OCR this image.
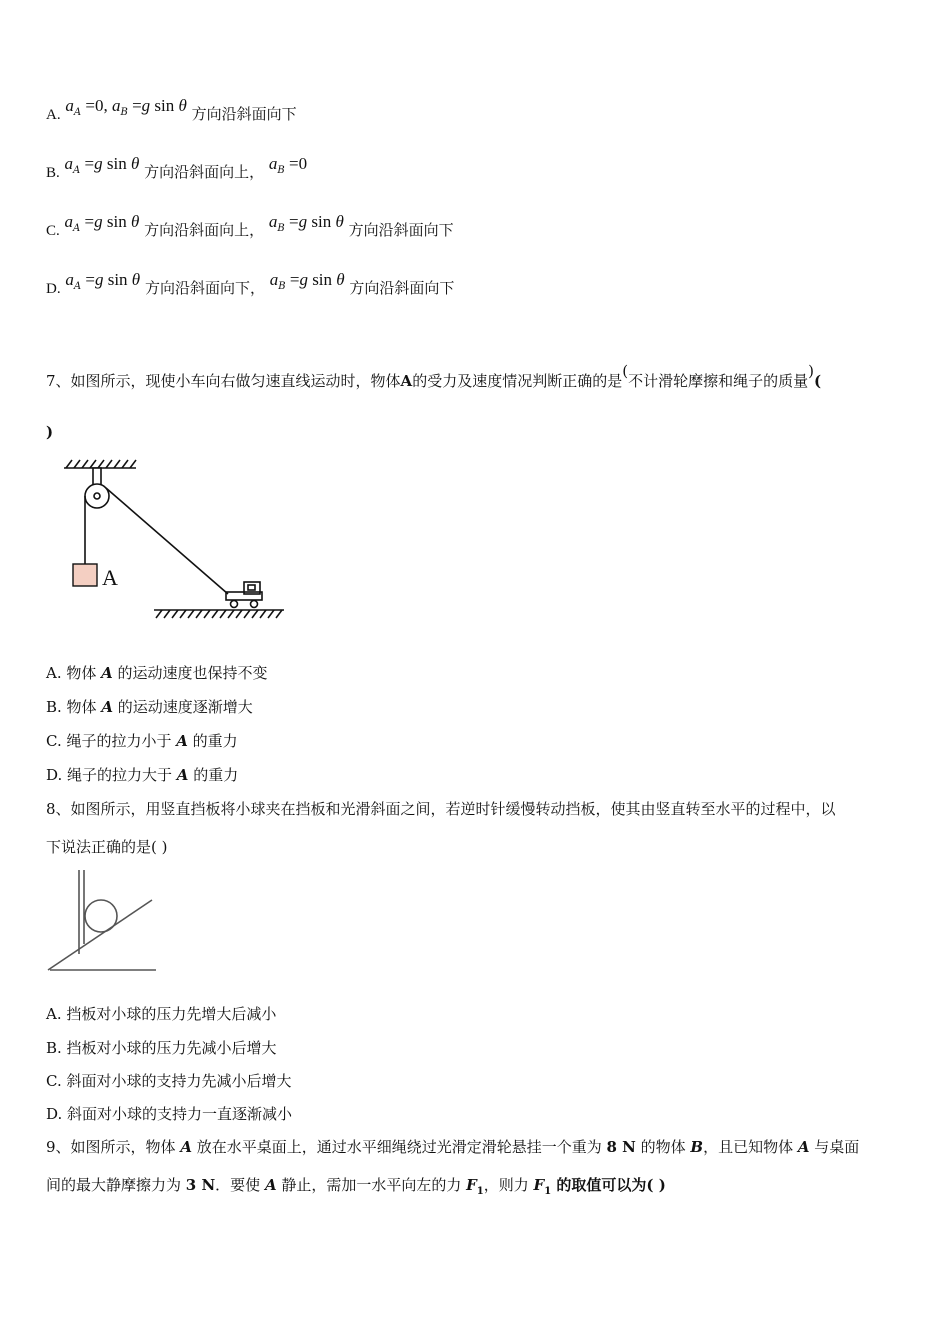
A. $a_A =0$, $a_B =g$ sin θ 方向沿斜面向下
B. $a_A =g$ sin θ 方向沿斜面向上， $a_B =0$
C. $a_A =g$ sin θ 方向沿斜面向上， $a_B =g$ sin θ 方向沿斜面向下
D. $a_A =g$ sin θ 方向沿斜面向下， $a_B =g$ sin θ 方向沿斜面向下
7、如图所示，现使小车向右做匀速直线运动时，物体A的受力及速度情况判断正确的是(不计滑轮摩擦和绳子的质量)(
)
A
A. 物体 A 的运动速度也保持不变
B. 物体 A 的运动速度逐渐增大
C. 绳子的拉力小于 A 的重力
D. 绳子的拉力大于 A 的重力
8、如图所示，用竖直挡板将小球夹在挡板和光滑斜面之间，若逆时针缓慢转动挡板，使其由竖直转至水平的过程中，以
下说法正确的是( )
A. 挡板对小球的压力先增大后减小
B. 挡板对小球的压力先减小后增大
C. 斜面对小球的支持力先减小后增大
D. 斜面对小球的支持力一直逐渐减小
9、如图所示，物体 A 放在水平桌面上，通过水平细绳绕过光滑定滑轮悬挂一个重为 8 N 的物体 B，且已知物体 A 与桌面
间的最大静摩擦力为 3 N．要使 A 静止，需加一水平向左的力 $F_1$，则力 $F_1$ 的取值可以为( )
